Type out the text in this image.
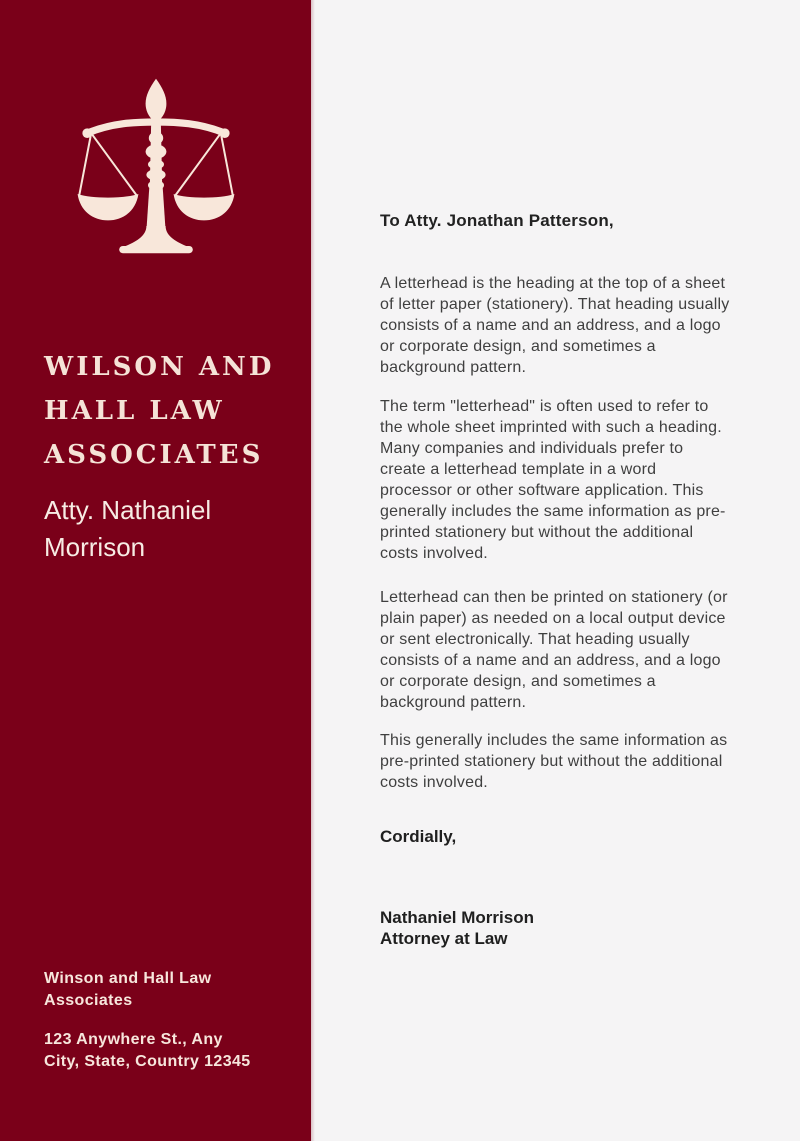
WILSON AND
HALL LAW
ASSOCIATES
Atty. Nathaniel Morrison
Winson and Hall Law
Associates
123 Anywhere St., Any
City, State, Country 12345

To Atty. Jonathan Patterson,

A letterhead is the heading at the top of a sheet of letter paper (stationery). That heading usually consists of a name and an address, and a logo or corporate design, and sometimes a background pattern.

The term "letterhead" is often used to refer to the whole sheet imprinted with such a heading. Many companies and individuals prefer to create a letterhead template in a word processor or other software application. This generally includes the same information as pre-printed stationery but without the additional costs involved.

Letterhead can then be printed on stationery (or plain paper) as needed on a local output device or sent electronically. That heading usually consists of a name and an address, and a logo or corporate design, and sometimes a background pattern.

This generally includes the same information as pre-printed stationery but without the additional costs involved.

Cordially,

Nathaniel Morrison
Attorney at Law
